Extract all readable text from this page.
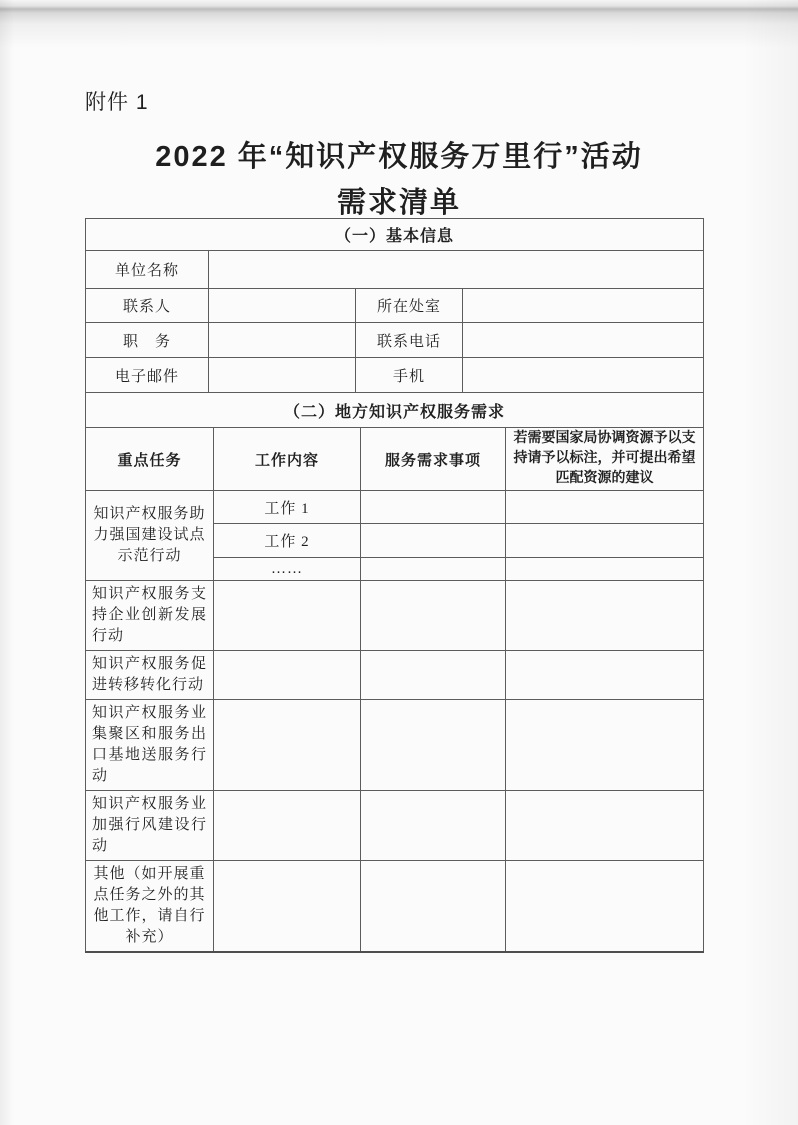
附件 1
2022 年“知识产权服务万里行”活动
需求清单
（一）基本信息			
单位名称			
联系人		所在处室	
职　务		联系电话	
电子邮件		手机	
（二）地方知识产权服务需求			
重点任务	工作内容	服务需求事项	若需要国家局协调资源予以支持请予以标注，并可提出希望匹配资源的建议
知识产权服务助力强国建设试点示范行动	工作 1		
	工作 2		
	……		
知识产权服务支持企业创新发展行动			
知识产权服务促进转移转化行动			
知识产权服务业集聚区和服务出口基地送服务行动			
知识产权服务业加强行风建设行动			
其他（如开展重点任务之外的其他工作，请自行补充）			
